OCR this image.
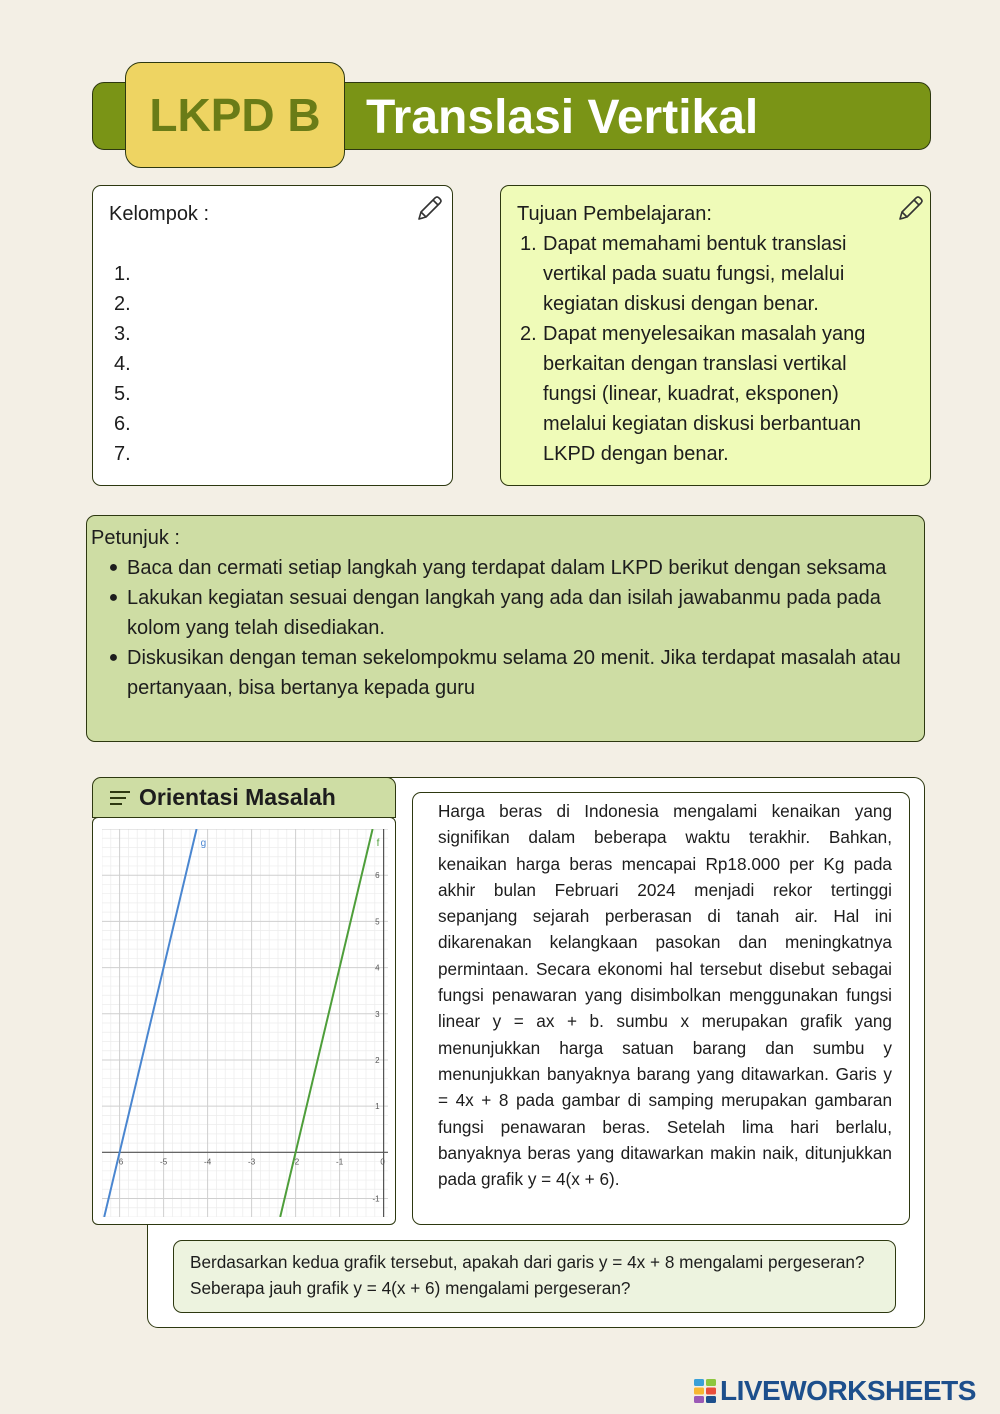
Translasi Vertikal
LKPD B
Kelompok :
1.
2.
3.
4.
5.
6.
7.
Tujuan Pembelajaran:
1. Dapat memahami bentuk translasi vertikal pada suatu fungsi, melalui kegiatan diskusi dengan benar.
2. Dapat menyelesaikan masalah yang berkaitan dengan translasi vertikal fungsi (linear, kuadrat, eksponen) melalui kegiatan diskusi berbantuan LKPD dengan benar.
Petunjuk :
● Baca dan cermati setiap langkah yang terdapat dalam LKPD berikut dengan seksama
● Lakukan kegiatan sesuai dengan langkah yang ada dan isilah jawabanmu pada pada kolom yang telah disediakan.
● Diskusikan dengan teman sekelompokmu selama 20 menit. Jika terdapat masalah atau pertanyaan, bisa bertanya kepada guru
Orientasi Masalah
-6	-5	-4	-3	-2	-1	0
-1
1
2
3
4
5
6
g	f
Harga beras di Indonesia mengalami kenaikan yang signifikan dalam beberapa waktu terakhir. Bahkan, kenaikan harga beras mencapai Rp18.000 per Kg pada akhir bulan Februari 2024 menjadi rekor tertinggi sepanjang sejarah perberasan di tanah air. Hal ini dikarenakan kelangkaan pasokan dan meningkatnya permintaan. Secara ekonomi hal tersebut disebut sebagai fungsi penawaran yang disimbolkan menggunakan fungsi linear y = ax + b. sumbu x merupakan grafik yang menunjukkan harga satuan barang dan sumbu y menunjukkan banyaknya barang yang ditawarkan. Garis y = 4x + 8 pada gambar di samping merupakan gambaran fungsi penawaran beras. Setelah lima hari berlalu, banyaknya beras yang ditawarkan makin naik, ditunjukkan pada grafik y = 4(x + 6).
Berdasarkan kedua grafik tersebut, apakah dari garis y = 4x + 8 mengalami pergeseran? Seberapa jauh grafik y = 4(x + 6) mengalami pergeseran?
LIVEWORKSHEETS
